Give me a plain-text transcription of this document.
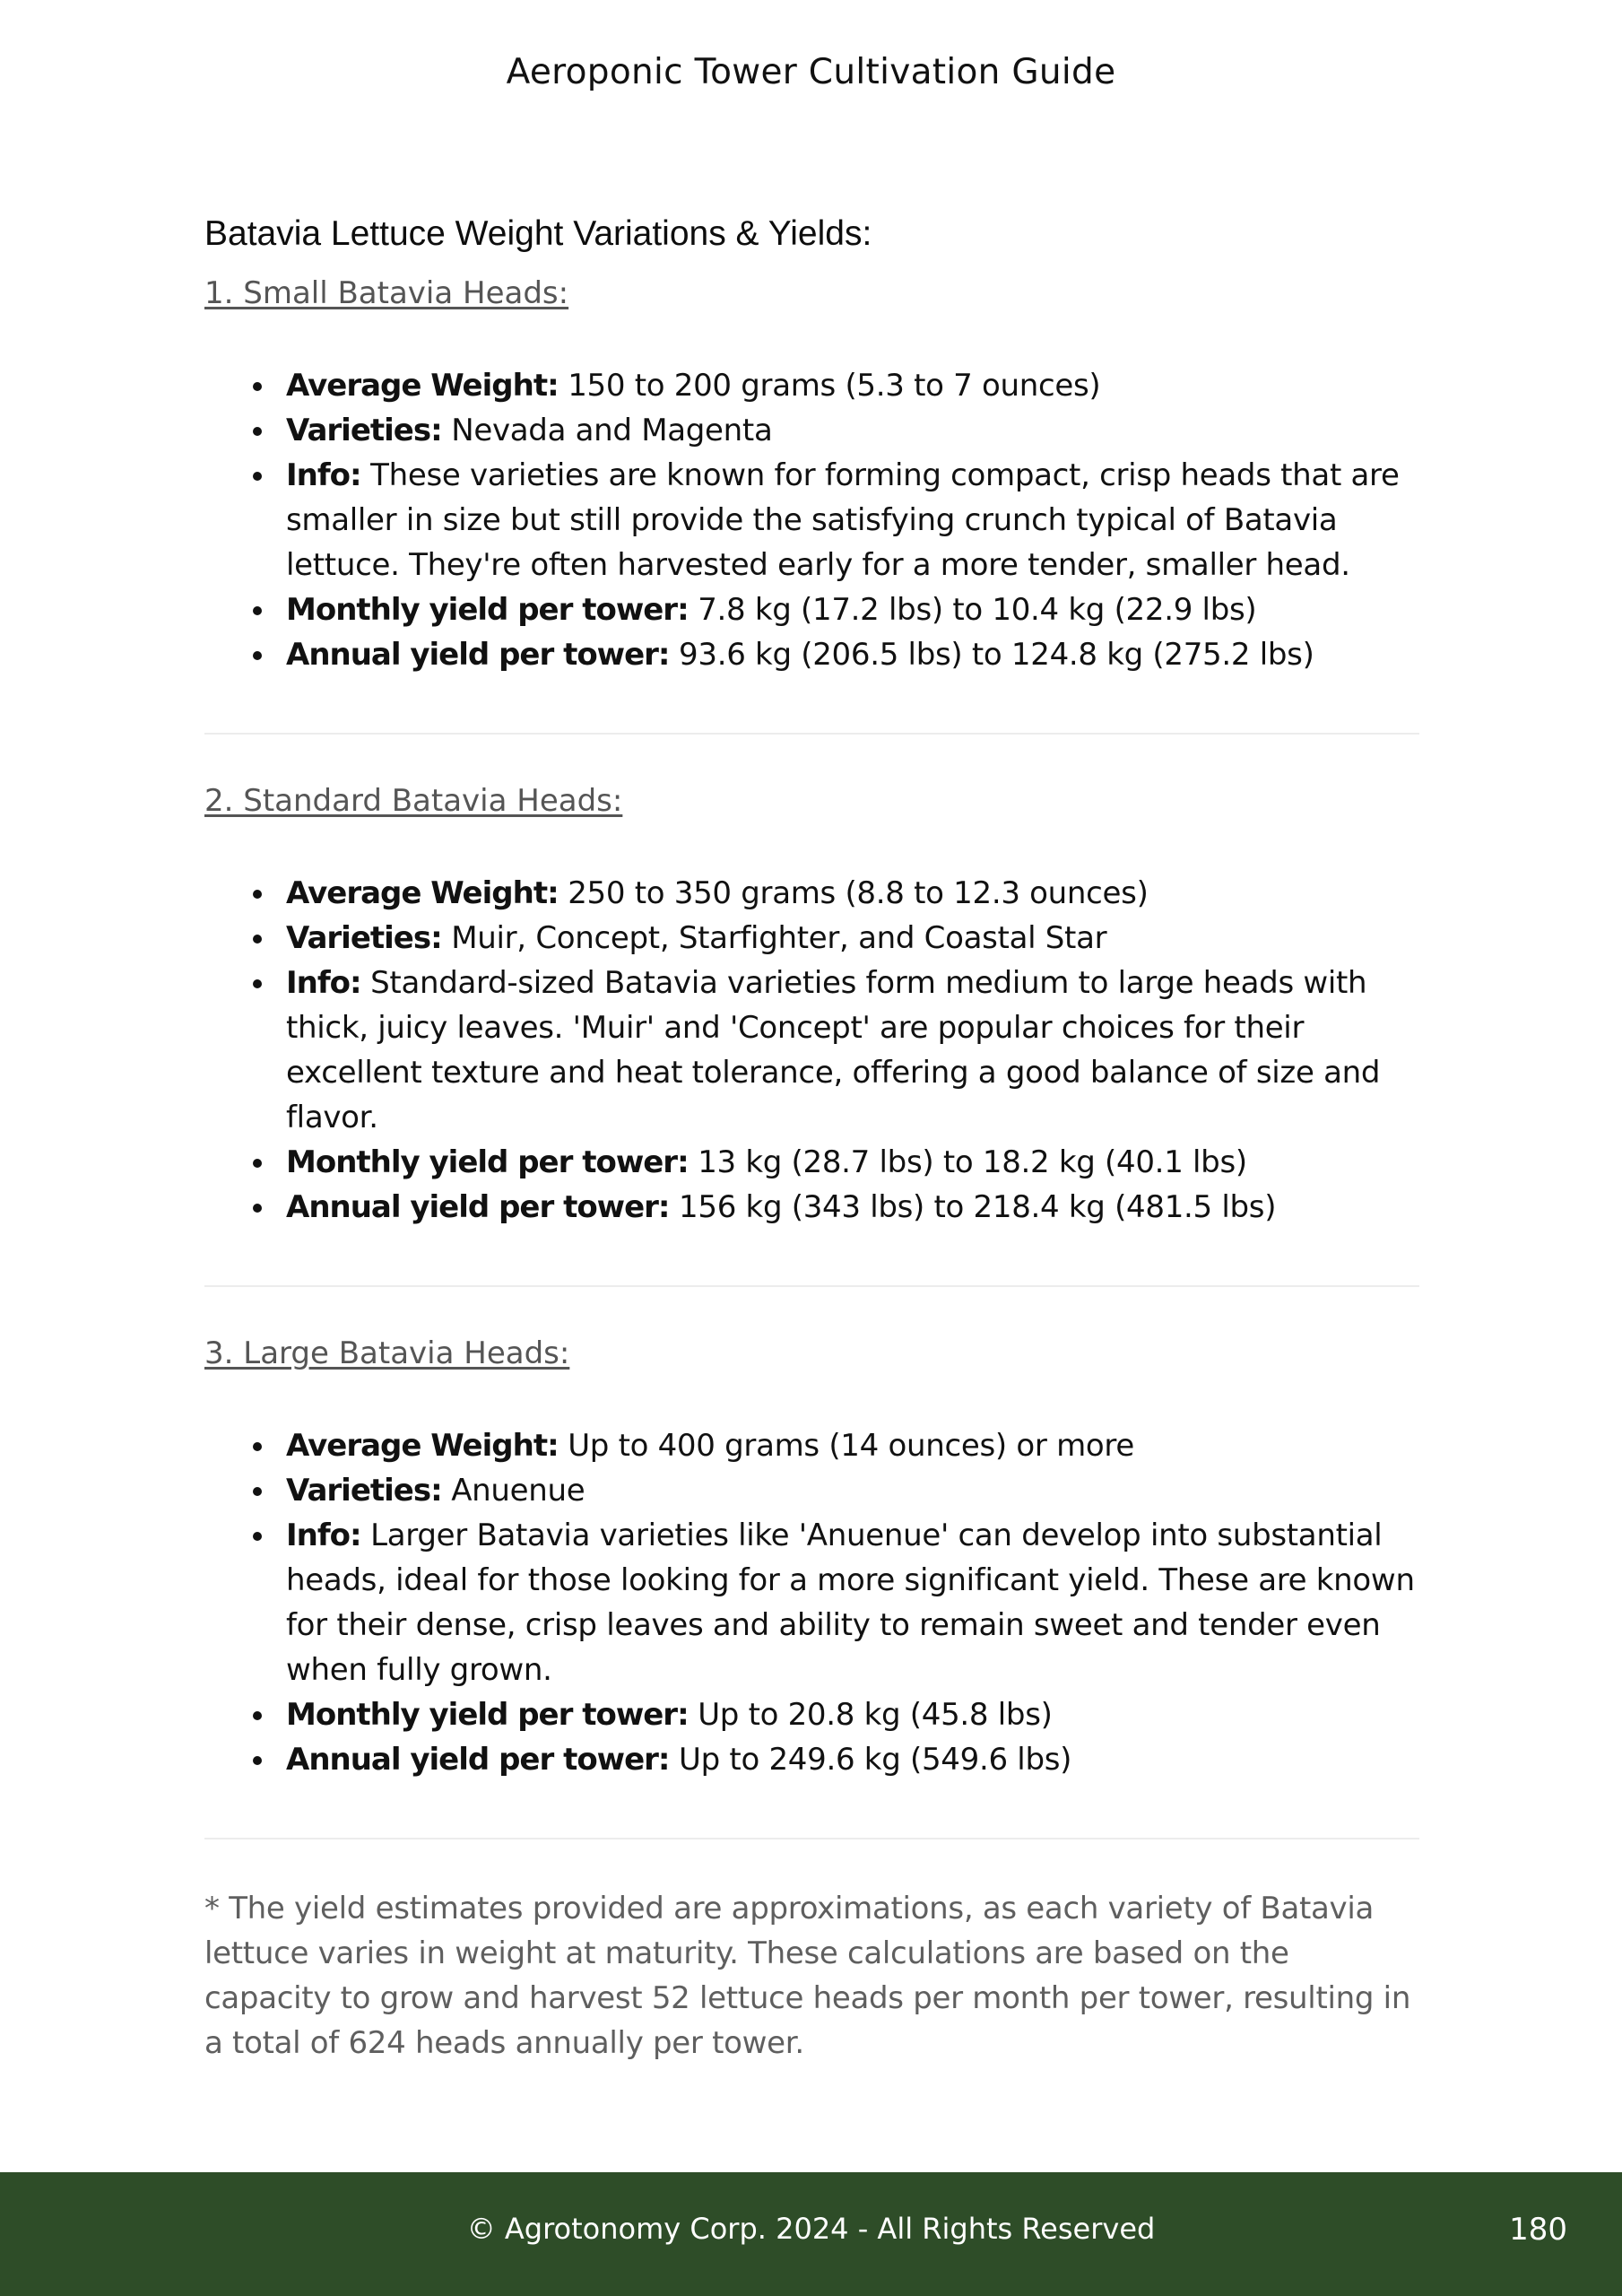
Aeroponic Tower Cultivation Guide
Batavia Lettuce Weight Variations & Yields:
1. Small Batavia Heads:
Average Weight: 150 to 200 grams (5.3 to 7 ounces)
Varieties: Nevada and Magenta
Info: These varieties are known for forming compact, crisp heads that are smaller in size but still provide the satisfying crunch typical of Batavia lettuce. They're often harvested early for a more tender, smaller head.
Monthly yield per tower: 7.8 kg (17.2 lbs) to 10.4 kg (22.9 lbs)
Annual yield per tower: 93.6 kg (206.5 lbs) to 124.8 kg (275.2 lbs)
2. Standard Batavia Heads:
Average Weight: 250 to 350 grams (8.8 to 12.3 ounces)
Varieties: Muir, Concept, Starfighter, and Coastal Star
Info: Standard-sized Batavia varieties form medium to large heads with thick, juicy leaves. 'Muir' and 'Concept' are popular choices for their excellent texture and heat tolerance, offering a good balance of size and flavor.
Monthly yield per tower: 13 kg (28.7 lbs) to 18.2 kg (40.1 lbs)
Annual yield per tower: 156 kg (343 lbs) to 218.4 kg (481.5 lbs)
3. Large Batavia Heads:
Average Weight: Up to 400 grams (14 ounces) or more
Varieties: Anuenue
Info: Larger Batavia varieties like 'Anuenue' can develop into substantial heads, ideal for those looking for a more significant yield. These are known for their dense, crisp leaves and ability to remain sweet and tender even when fully grown.
Monthly yield per tower: Up to 20.8 kg (45.8 lbs)
Annual yield per tower: Up to 249.6 kg (549.6 lbs)

* The yield estimates provided are approximations, as each variety of Batavia lettuce varies in weight at maturity. These calculations are based on the capacity to grow and harvest 52 lettuce heads per month per tower, resulting in a total of 624 heads annually per tower.

© Agrotonomy Corp. 2024 - All Rights Reserved	180
